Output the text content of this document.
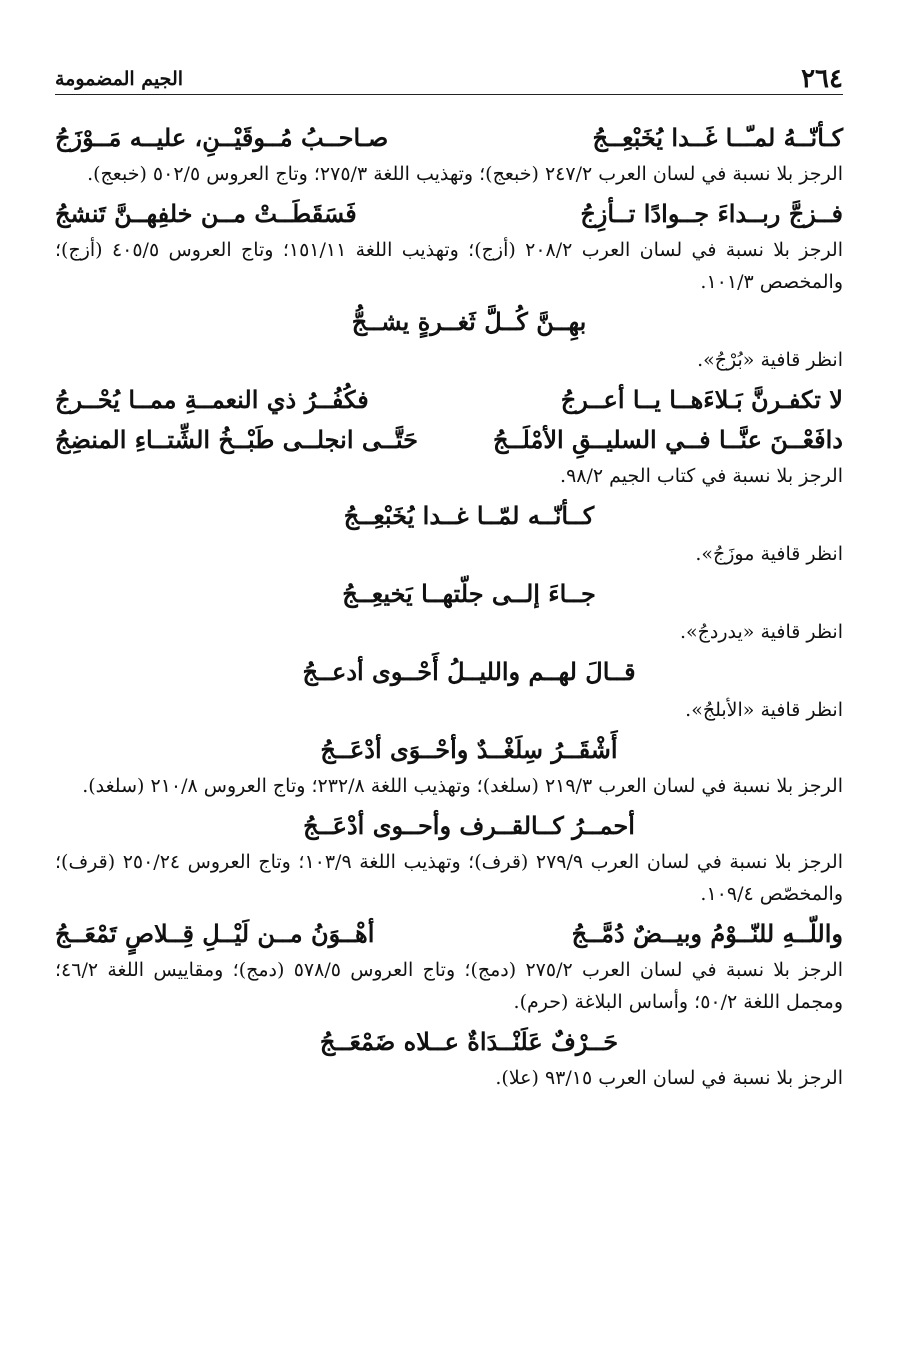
٢٦٤
الجيم المضمومة
كـأنّــهُ لمـّــا غَــدا يُخَبْعِــجُ
صـاحــبُ مُــوقَيْــنِ، عليــه مَــوْزَجُ
الرجز بلا نسبة في لسان العرب ٢٤٧/٢ (خبعج)؛ وتهذيب اللغة ٢٧٥/٣؛ وتاج العروس ٥٠٢/٥ (خبعج).
فــزجَّ ربــداءَ جــوادًا تــأزِجُ
فَسَقَطَــتْ مــن خلفِهــنَّ تَنشجُ
الرجز بلا نسبة في لسان العرب ٢٠٨/٢ (أزج)؛ وتهذيب اللغة ١٥١/١١؛ وتاج العروس ٤٠٥/٥ (أزج)؛ والمخصص ١٠١/٣.
بهِــنَّ كُــلَّ ثَغــرةٍ يشــجُّ
انظر قافية «بُرْجُ».
لا تكفـرنَّ بَـلاءَهــا يــا أعــرجُ
فكُفُــرُ ذي النعمــةِ ممــا يُحْــرجُ
دافَعْــنَ عنَّــا فــي السليــقِ الأمْلَــجُ
حَتَّــى انجلــى طَبْــخُ الشِّتــاءِ المنضِجُ
الرجز بلا نسبة في كتاب الجيم ٩٨/٢.
كــأنّــه لمّــا غــدا يُخَبْعِــجُ
انظر قافية موزَجُ».
جــاءَ إلــى جلّتهــا يَخيعِــجُ
انظر قافية «يدردجُ».
قــالَ لهــم والليــلُ أَحْــوى أدعــجُ
انظر قافية «الأبلجُ».
أَشْقَــرُ سِلَغْــدٌ وأحْــوَى أدْعَــجُ
الرجز بلا نسبة في لسان العرب ٢١٩/٣ (سلغد)؛ وتهذيب اللغة ٢٣٢/٨؛ وتاج العروس ٢١٠/٨ (سلغد).
أحمــرُ كــالقــرف وأحــوى أدْعَــجُ
الرجز بلا نسبة في لسان العرب ٢٧٩/٩ (قرف)؛ وتهذيب اللغة ١٠٣/٩؛ وتاج العروس ٢٥٠/٢٤ (قرف)؛ والمخصّص ١٠٩/٤.
واللّــهِ للنّــوْمُ وبيــضٌ دُمَّــجُ
أهْــوَنُ مــن لَيْــلِ قِــلاصٍ تَمْعَــجُ
الرجز بلا نسبة في لسان العرب ٢٧٥/٢ (دمج)؛ وتاج العروس ٥٧٨/٥ (دمج)؛ ومقاييس اللغة ٤٦/٢؛ ومجمل اللغة ٥٠/٢؛ وأساس البلاغة (حرم).
حَــرْفٌ عَلَنْــدَاةٌ عــلاه ضَمْعَــجُ
الرجز بلا نسبة في لسان العرب ٩٣/١٥ (علا).
